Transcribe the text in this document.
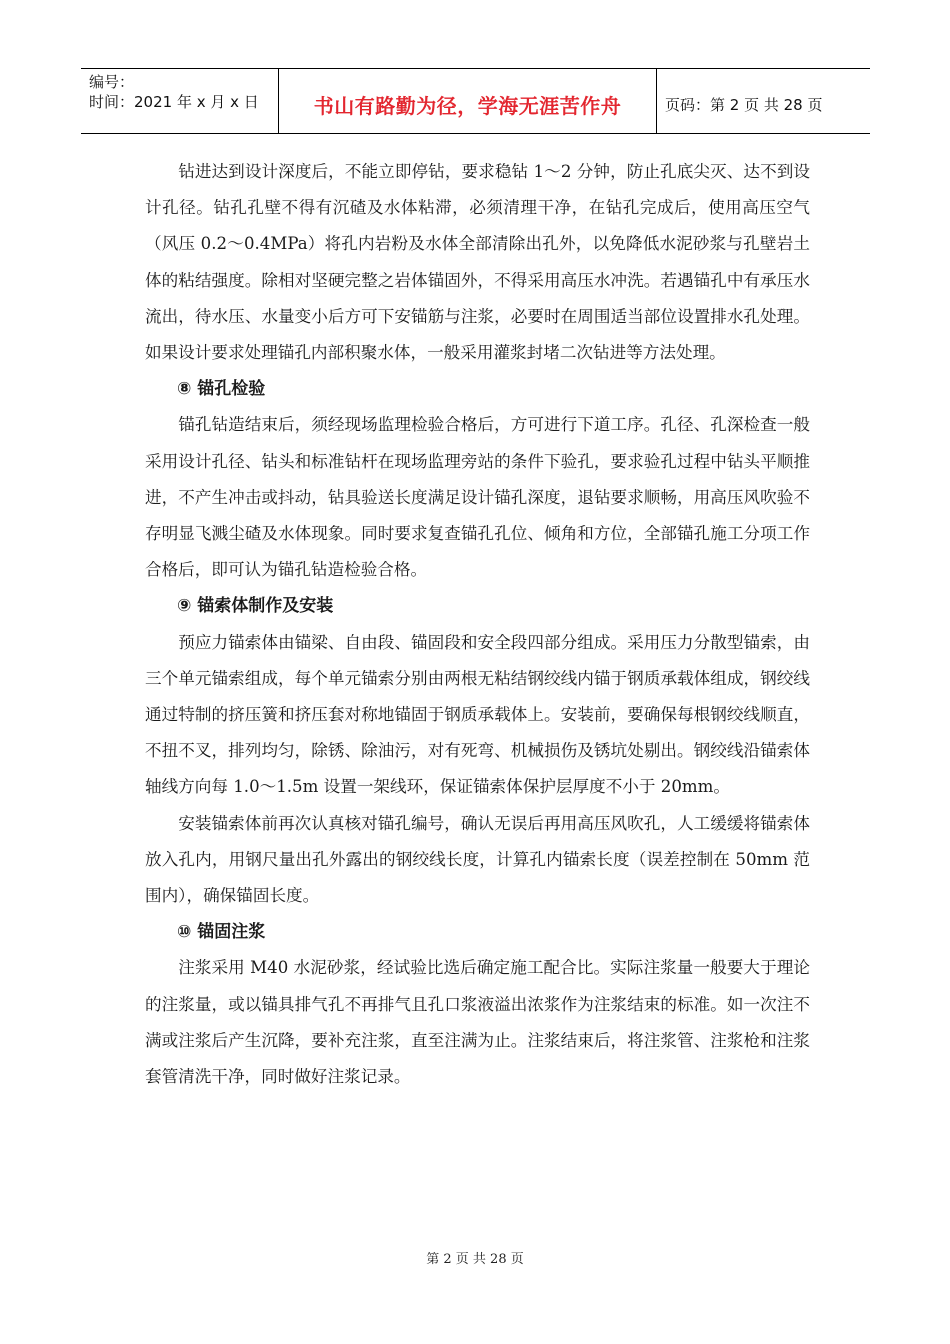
编号：
时间：2021 年 x 月 x 日	书山有路勤为径，学海无涯苦作舟	页码：第 2 页 共 28 页

钻进达到设计深度后，不能立即停钻，要求稳钻 1～2 分钟，防止孔底尖灭、达不到设计孔径。钻孔孔壁不得有沉碴及水体粘滞，必须清理干净，在钻孔完成后，使用高压空气（风压 0.2～0.4MPa）将孔内岩粉及水体全部清除出孔外，以免降低水泥砂浆与孔壁岩土体的粘结强度。除相对坚硬完整之岩体锚固外，不得采用高压水冲洗。若遇锚孔中有承压水流出，待水压、水量变小后方可下安锚筋与注浆，必要时在周围适当部位设置排水孔处理。如果设计要求处理锚孔内部积聚水体，一般采用灌浆封堵二次钻进等方法处理。

⑧ 锚孔检验

锚孔钻造结束后，须经现场监理检验合格后，方可进行下道工序。孔径、孔深检查一般采用设计孔径、钻头和标准钻杆在现场监理旁站的条件下验孔，要求验孔过程中钻头平顺推进，不产生冲击或抖动，钻具验送长度满足设计锚孔深度，退钻要求顺畅，用高压风吹验不存明显飞溅尘碴及水体现象。同时要求复查锚孔孔位、倾角和方位，全部锚孔施工分项工作合格后，即可认为锚孔钻造检验合格。

⑨ 锚索体制作及安装

预应力锚索体由锚梁、自由段、锚固段和安全段四部分组成。采用压力分散型锚索，由三个单元锚索组成，每个单元锚索分别由两根无粘结钢绞线内锚于钢质承载体组成，钢绞线通过特制的挤压簧和挤压套对称地锚固于钢质承载体上。安装前，要确保每根钢绞线顺直，不扭不叉，排列均匀，除锈、除油污，对有死弯、机械损伤及锈坑处剔出。钢绞线沿锚索体轴线方向每 1.0～1.5m 设置一架线环，保证锚索体保护层厚度不小于 20mm。

安装锚索体前再次认真核对锚孔编号，确认无误后再用高压风吹孔，人工缓缓将锚索体放入孔内，用钢尺量出孔外露出的钢绞线长度，计算孔内锚索长度（误差控制在 50mm 范围内），确保锚固长度。

⑩ 锚固注浆

注浆采用 M40 水泥砂浆，经试验比选后确定施工配合比。实际注浆量一般要大于理论的注浆量，或以锚具排气孔不再排气且孔口浆液溢出浓浆作为注浆结束的标准。如一次注不满或注浆后产生沉降，要补充注浆，直至注满为止。注浆结束后，将注浆管、注浆枪和注浆套管清洗干净，同时做好注浆记录。

第 2 页 共 28 页
